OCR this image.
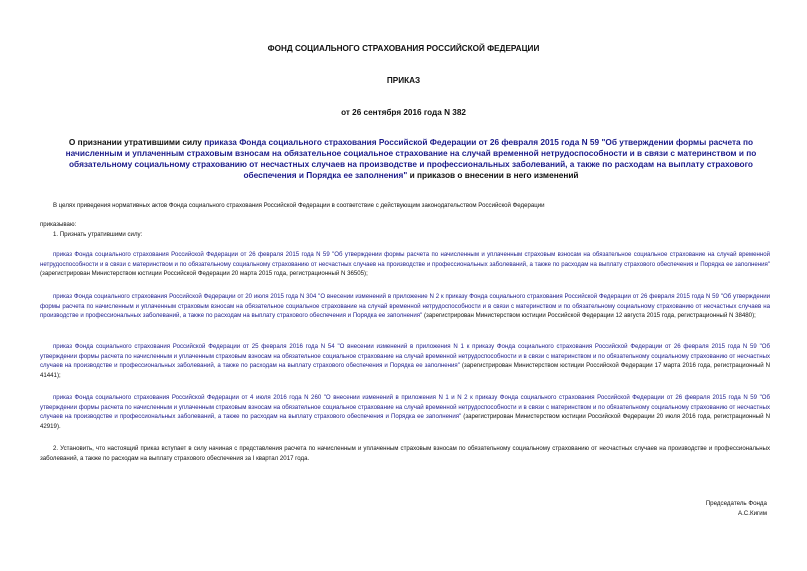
ФОНД СОЦИАЛЬНОГО СТРАХОВАНИЯ РОССИЙСКОЙ ФЕДЕРАЦИИ
ПРИКАЗ
от 26 сентября 2016 года N 382
О признании утратившими силу приказа Фонда социального страхования Российской Федерации от 26 февраля 2015 года N 59 "Об утверждении формы расчета по начисленным и уплаченным страховым взносам на обязательное социальное страхование на случай временной нетрудоспособности и в связи с материнством и по обязательному социальному страхованию от несчастных случаев на производстве и профессиональных заболеваний, а также по расходам на выплату страхового обеспечения и Порядка ее заполнения" и приказов о внесении в него изменений
В целях приведения нормативных актов Фонда социального страхования Российской Федерации в соответствие с действующим законодательством Российской Федерации
приказываю:
1. Признать утратившими силу:
приказ Фонда социального страхования Российской Федерации от 26 февраля 2015 года N 59 "Об утверждении формы расчета по начисленным и уплаченным страховым взносам на обязательное социальное страхование на случай временной нетрудоспособности и в связи с материнством и по обязательному социальному страхованию от несчастных случаев на производстве и профессиональных заболеваний, а также по расходам на выплату страхового обеспечения и Порядка ее заполнения" (зарегистрирован Министерством юстиции Российской Федерации 20 марта 2015 года, регистрационный N 36505);
приказ Фонда социального страхования Российской Федерации от 20 июля 2015 года N 304 "О внесении изменений в приложение N 2 к приказу Фонда социального страхования Российской Федерации от 26 февраля 2015 года N 59 "Об утверждении формы расчета по начисленным и уплаченным страховым взносам на обязательное социальное страхование на случай временной нетрудоспособности и в связи с материнством и по обязательному социальному страхованию от несчастных случаев на производстве и профессиональных заболеваний, а также по расходам на выплату страхового обеспечения и Порядка ее заполнения" (зарегистрирован Министерством юстиции Российской Федерации 12 августа 2015 года, регистрационный N 38480);
приказ Фонда социального страхования Российской Федерации от 25 февраля 2016 года N 54 "О внесении изменений в приложения N 1 к приказу Фонда социального страхования Российской Федерации от 26 февраля 2015 года N 59 "Об утверждении формы расчета по начисленным и уплаченным страховым взносам на обязательное социальное страхование на случай временной нетрудоспособности и в связи с материнством и по обязательному социальному страхованию от несчастных случаев на производстве и профессиональных заболеваний, а также по расходам на выплату страхового обеспечения и Порядка ее заполнения" (зарегистрирован Министерством юстиции Российской Федерации 17 марта 2016 года, регистрационный N 41441);
приказ Фонда социального страхования Российской Федерации от 4 июля 2016 года N 260 "О внесении изменений в приложения N 1 и N 2 к приказу Фонда социального страхования Российской Федерации от 26 февраля 2015 года N 59 "Об утверждении формы расчета по начисленным и уплаченным страховым взносам на обязательное социальное страхование на случай временной нетрудоспособности и в связи с материнством и по обязательному социальному страхованию от несчастных случаев на производстве и профессиональных заболеваний, а также по расходам на выплату страхового обеспечения и Порядка ее заполнения" (зарегистрирован Министерством юстиции Российской Федерации 20 июля 2016 года, регистрационный N 42919).
2. Установить, что настоящий приказ вступает в силу начиная с представления расчета по начисленным и уплаченным страховым взносам по обязательному социальному страхованию от несчастных случаев на производстве и профессиональных заболеваний, а также по расходам на выплату страхового обеспечения за I квартал 2017 года.
Председатель Фонда
А.С.Кигим
